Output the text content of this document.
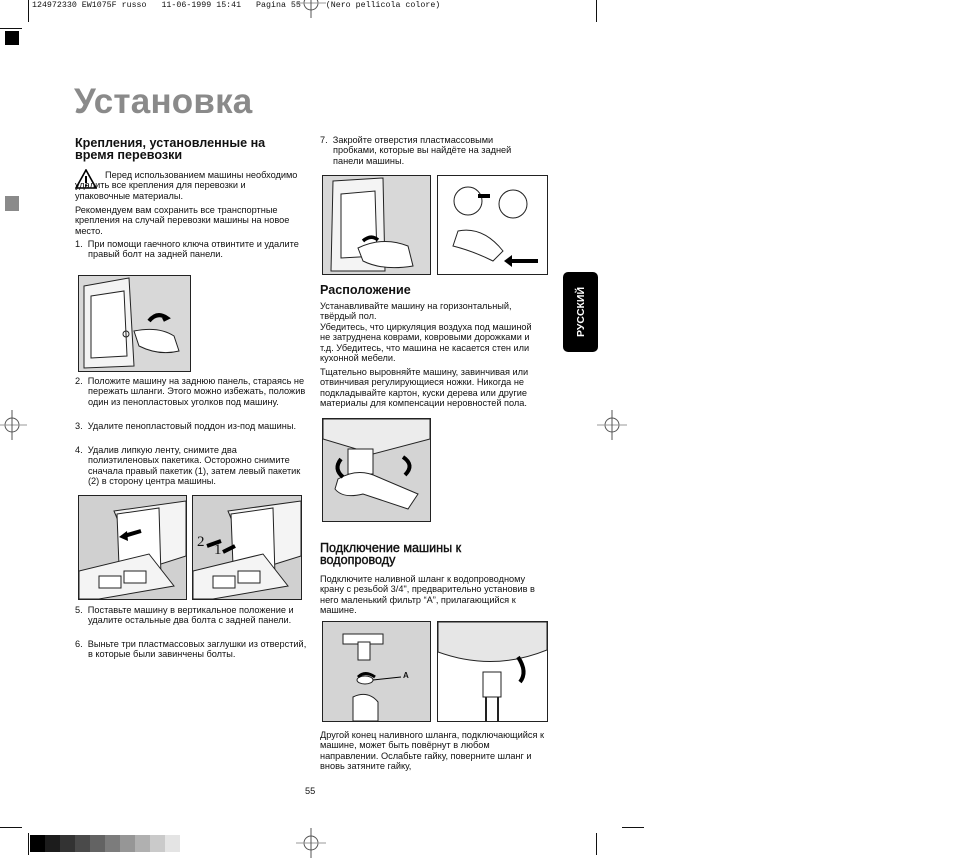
124972330 EW1075F russo   11-06-1999 15:41   Pagina 55     (Nero pellicola colore)
Установка
Крепления, установленные на время перевозки
Перед использованием машины необходимо удалить все крепления для перевозки и упаковочные материалы.
Рекомендуем вам сохранить все транспортные крепления на случай перевозки машины на новое место.
1.  При помощи гаечного ключа отвинтите и удалите правый болт на задней панели.
2.  Положите машину на заднюю панель, стараясь не пережать шланги. Этого можно избежать, положив один из пенопластовых уголков под машину.
3.  Удалите пенопластовый поддон из-под машины.
4.  Удалив липкую ленту, снимите два полиэтиленовых пакетика. Осторожно снимите сначала правый пакетик (1), затем левый пакетик (2) в сторону центра машины.
2 1
5.  Поставьте машину в вертикальное положение и удалите остальные два болта с задней панели.
6.  Выньте три пластмассовых заглушки из отверстий, в которые были завинчены болты.
7.  Закройте отверстия пластмассовыми пробками, которые вы найдёте на задней панели машины.
Расположение
Устанавливайте машину на горизонтальный, твёрдый пол.
Убедитесь, что циркуляция воздуха под машиной не затруднена коврами, ковровыми дорожками и т.д. Убедитесь, что машина не касается стен или кухонной мебели.
Тщательно выровняйте машину, завинчивая или отвинчивая регулирующиеся ножки. Никогда не подкладывайте картон, куски дерева или другие материалы для компенсации неровностей пола.
Подключение машины к водопроводу
Подключите наливной шланг к водопроводному крану с резьбой 3/4", предварительно установив в него маленький фильтр “A”, прилагающийся к машине.
A
Другой конец наливного шланга, подключающийся к машине, может быть повёрнут в любом направлении. Ослабьте гайку, поверните шланг и вновь затяните гайку,
РУССКИЙ
55
